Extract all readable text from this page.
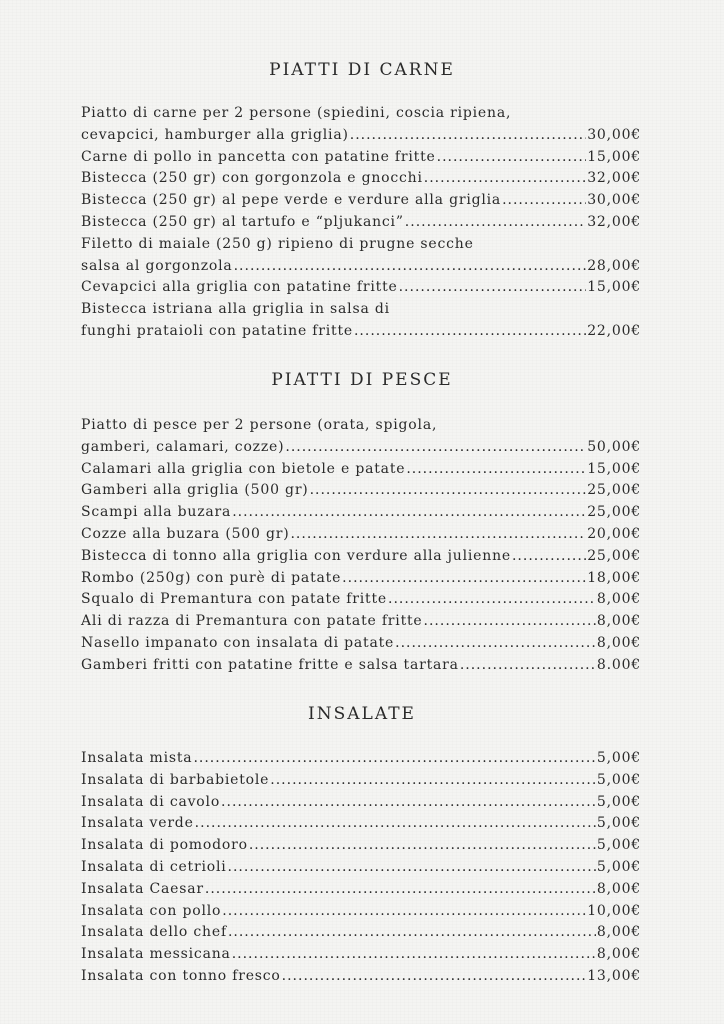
PIATTI DI CARNE
Piatto di carne per 2 persone (spiedini, coscia ripiena,
cevapcici, hamburger alla griglia) .....	30,00€
Carne di pollo in pancetta con patatine fritte .....	15,00€
Bistecca (250 gr) con gorgonzola e gnocchi .....	32,00€
Bistecca (250 gr) al pepe verde e verdure alla griglia .....	30,00€
Bistecca (250 gr) al tartufo e “pljukanci” .....	32,00€
Filetto di maiale (250 g) ripieno di prugne secche
salsa al gorgonzola .....	28,00€
Cevapcici alla griglia con patatine fritte .....	15,00€
Bistecca istriana alla griglia in salsa di
funghi prataioli con patatine fritte .....	22,00€
PIATTI DI PESCE
Piatto di pesce per 2 persone (orata, spigola,
gamberi, calamari, cozze) .....	50,00€
Calamari alla griglia con bietole e patate .....	15,00€
Gamberi alla griglia (500 gr) .....	25,00€
Scampi alla buzara .....	25,00€
Cozze alla buzara (500 gr) .....	20,00€
Bistecca di tonno alla griglia con verdure alla julienne .....	25,00€
Rombo (250g) con purè di patate .....	18,00€
Squalo di Premantura con patate fritte .....	8,00€
Ali di razza di Premantura con patate fritte .....	8,00€
Nasello impanato con insalata di patate .....	8,00€
Gamberi fritti con patatine fritte e salsa tartara .....	8.00€
INSALATE
Insalata mista .....	5,00€
Insalata di barbabietole .....	5,00€
Insalata di cavolo .....	5,00€
Insalata verde .....	5,00€
Insalata di pomodoro .....	5,00€
Insalata di cetrioli .....	5,00€
Insalata Caesar .....	8,00€
Insalata con pollo .....	10,00€
Insalata dello chef .....	8,00€
Insalata messicana .....	8,00€
Insalata con tonno fresco .....	13,00€
